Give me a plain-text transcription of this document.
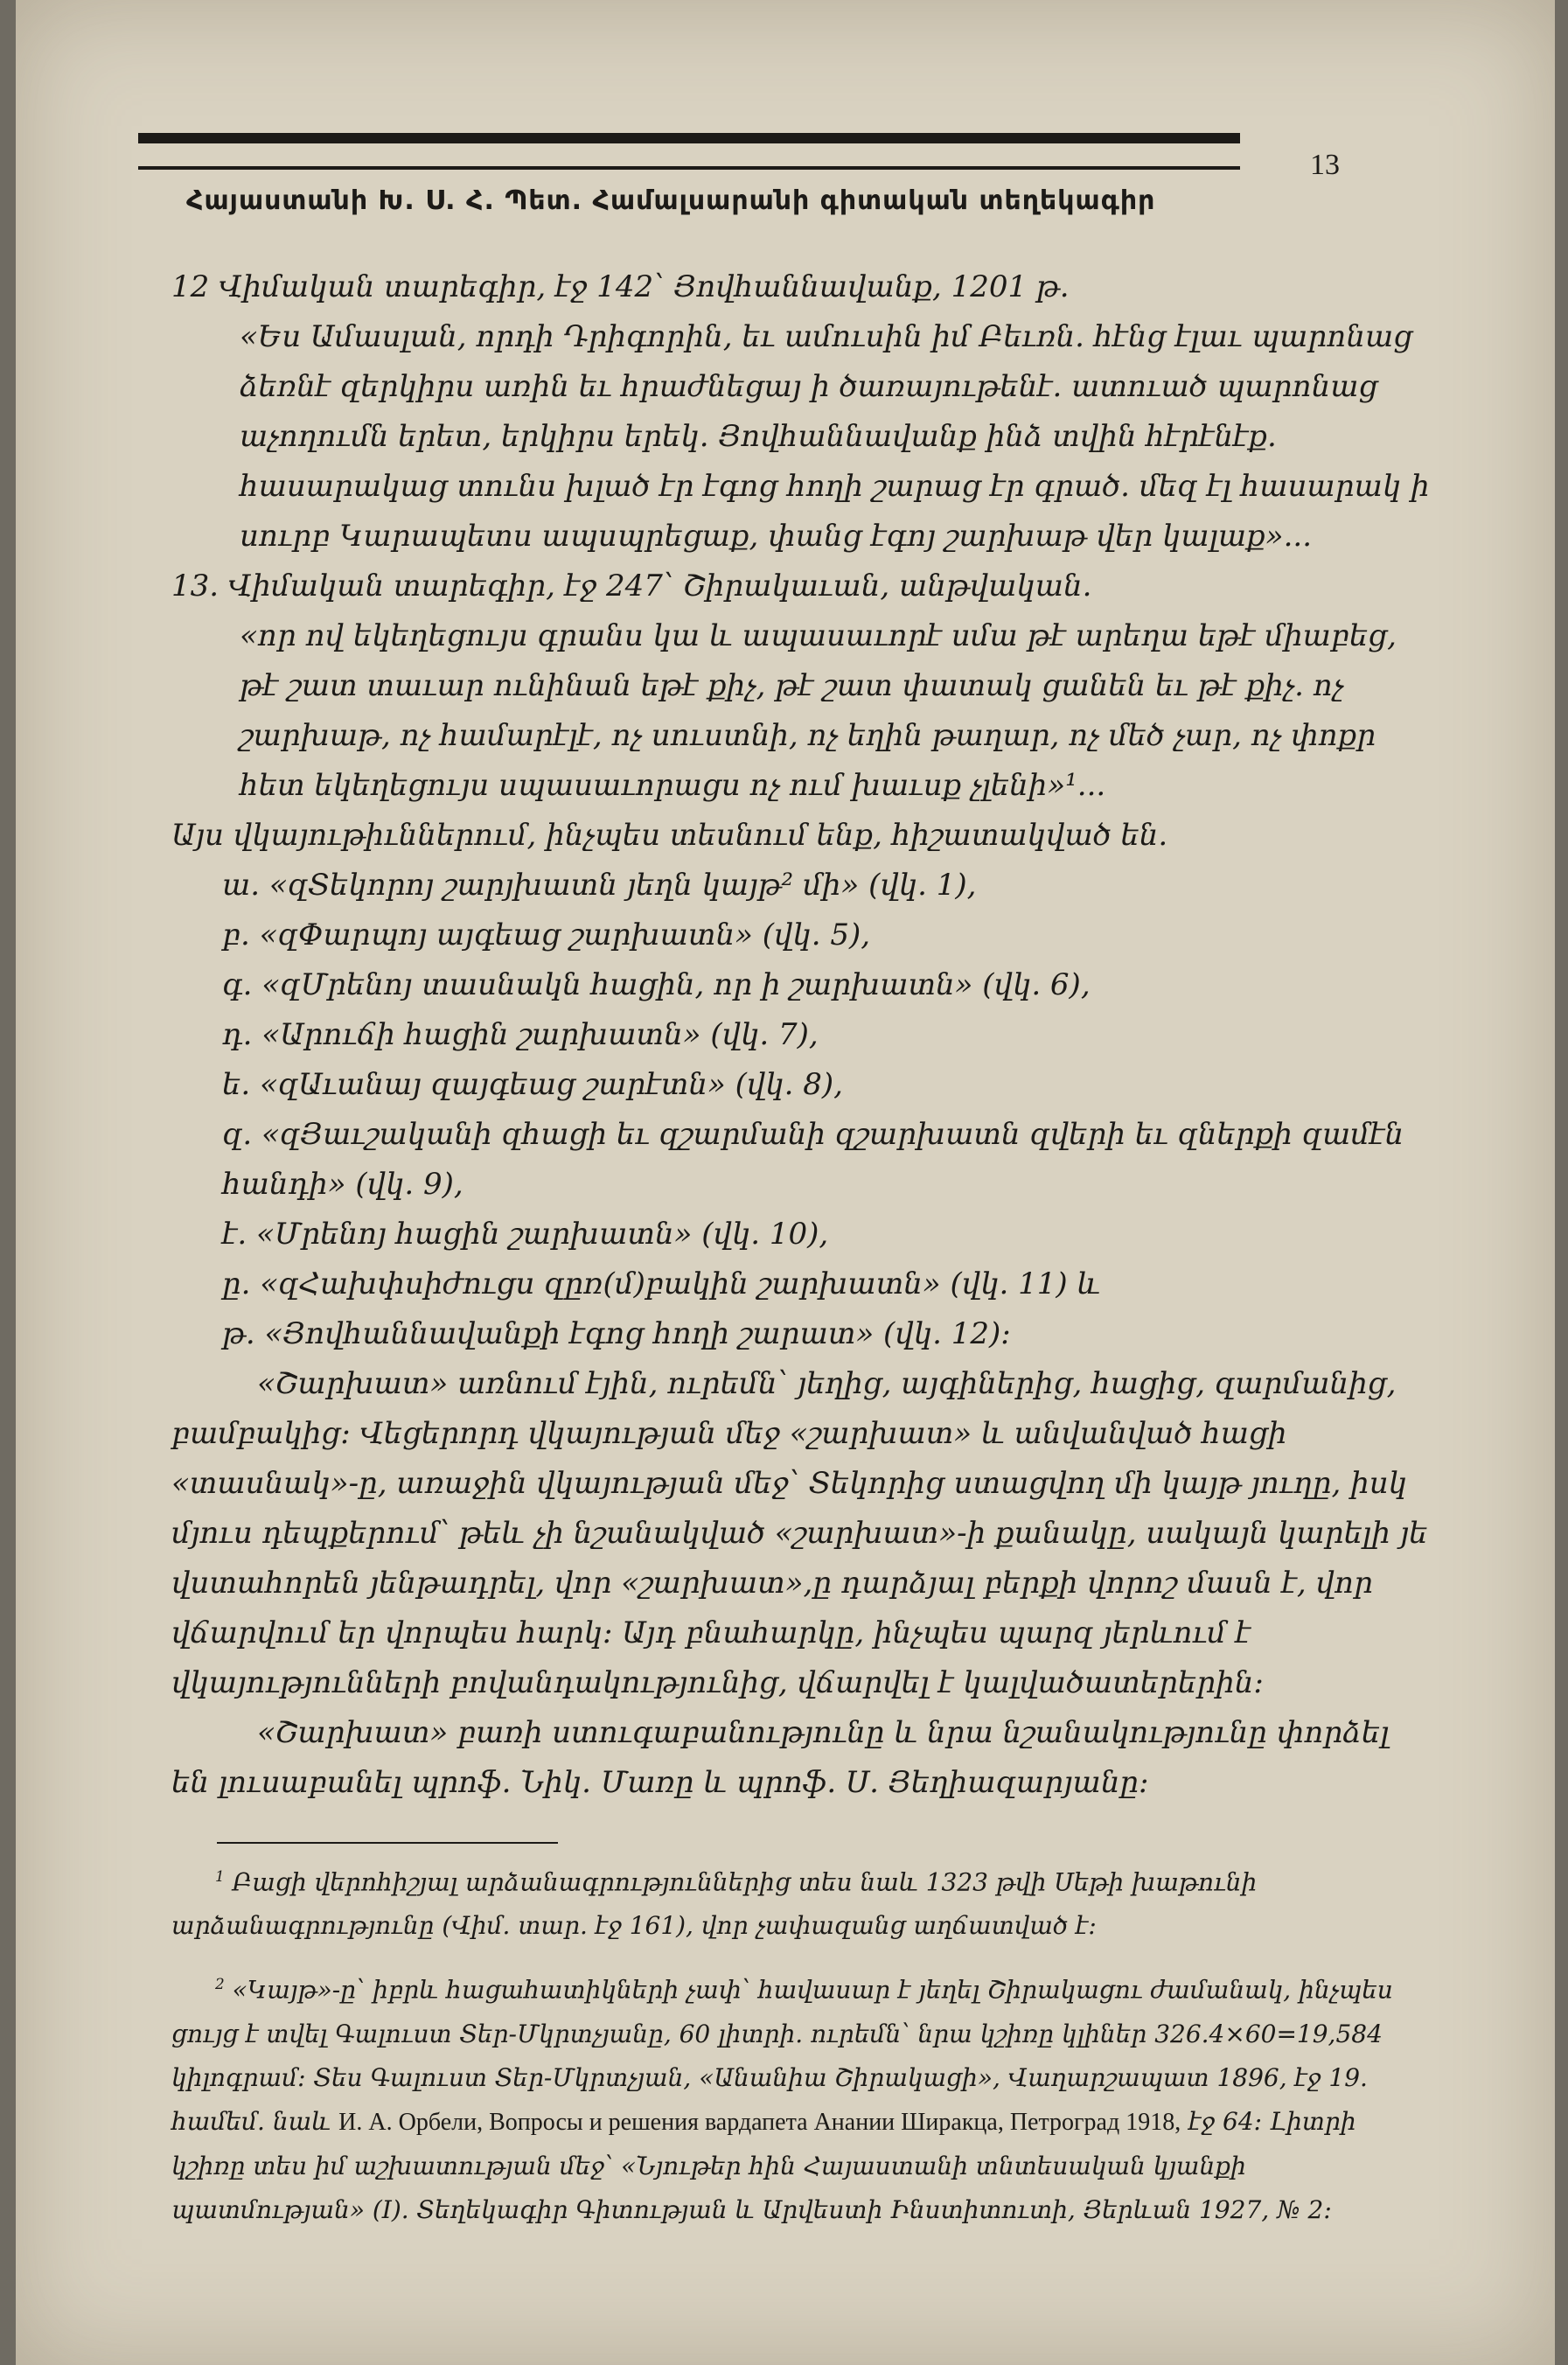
13
Հայաստանի Խ. Ս. Հ. Պետ. Համալսարանի գիտական տեղեկագիր

12 Վիմական տարեգիր, էջ 142՝ Յովհաննավանք, 1201 թ.

«Ես Ամասլան, որդի Դրիգորին, եւ ամուսին իմ Բեւռն. հէնց էլաւ պարոնաց ձեռնէ զերկիրս առին եւ հրաժնեցայ ի ծառայութենէ. ատուած պարոնաց աչողումն երետ, երկիրս երեկ. Յովհաննավանք ինձ տվին հէրէնէք. հասարակաց տունս խլած էր էգոց հողի շարաց էր գրած. մեզ էլ հասարակ ի սուրբ Կարապետս ապսպրեցաք, փանց էգոյ շարխաթ վեր կալաք»...

13. Վիմական տարեգիր, էջ 247՝ Շիրակաւան, անթվական.

«որ ով եկեղեցույս գրանս կա և ապասաւորէ սմա թէ արեղա եթէ միաբեց, թէ շատ տաւար ունինան եթէ քիչ, թէ շատ փատակ ցանեն եւ թէ քիչ. ոչ շարխաթ, ոչ համարէլէ, ոչ սուստնի, ոչ եղին թաղար, ոչ մեծ չար, ոչ փոքր հետ եկեղեցույս սպասաւորացս ոչ ում խաւսք չլենի»¹...

Այս վկայութիւններում, ինչպես տեսնում ենք, հիշատակված են.

ա. «զՏեկորոյ շարյխատն յեղն կայթ² մի» (վկ. 1),

բ. «զՓարպոյ այգեաց շարխատն» (վկ. 5),

գ. «զՄրենոյ տասնակն հացին, որ ի շարխատն» (վկ. 6),

դ. «Արուճի հացին շարխատն» (վկ. 7),

ե. «զԱւանայ զայգեաց շարէտն» (վկ. 8),

զ. «զՅաւշականի զհացի եւ զշարմանի զշարխատն զվերի եւ զներքի զամէն հանդի» (վկ. 9),

է. «Մրենոյ հացին շարխատն» (վկ. 10),

ը. «զՀախփսիժուցս զըռ(մ)բակին շարխատն» (վկ. 11) և

թ. «Յովհաննավանքի էգոց հողի շարատ» (վկ. 12):

«Շարխատ» առնում էյին, ուրեմն՝ յեղից, այգիներից, հացից, զարմանից, բամբակից: Վեցերորդ վկայության մեջ «շարխատ» և անվանված հացի «տասնակ»-ը, առաջին վկայության մեջ՝ Տեկորից ստացվող մի կայթ յուղը, իսկ մյուս դեպքերում՝ թեև չի նշանակված «շարխատ»-ի քանակը, սակայն կարելի յե վստահորեն յենթադրել, վոր «շարխատ»,ը դարձյալ բերքի վորոշ մասն է, վոր վճարվում եր վորպես հարկ: Այդ բնահարկը, ինչպես պարզ յերևում է վկայությունների բովանդակությունից, վճարվել է կալվածատերերին:

«Շարխատ» բառի ստուգաբանությունը և նրա նշանակությունը փորձել են լուսաբանել պրոֆ. Նիկ. Մառը և պրոֆ. Ս. Յեղիազարյանը:

$^1$ Բացի վերոհիշյալ արձանագրություններից տես նաև 1323 թվի Սեթի խաթունի արձանագրությունը (Վիմ. տար. էջ 161), վոր չափազանց աղճատված է:

$^2$ «Կայթ»-ը՝ իբրև հացահատիկների չափ՝ հավասար է յեղել Շիրակացու ժամանակ, ինչպես ցույց է տվել Գալուստ Տեր-Մկրտչյանը, 60 լիտրի. ուրեմն՝ նրա կշիռը կլիներ 326.4×60=19,584 կիլոգրամ: Տես Գալուստ Տեր-Մկրտչյան, «Անանիա Շիրակացի», Վաղարշապատ 1896, էջ 19. համեմ. նաև И. А. Орбели, Вопросы и решения вардапета Анании Ширакца, Петроград 1918, էջ 64: Լիտրի կշիռը տես իմ աշխատության մեջ՝ «Նյութեր հին Հայաստանի տնտեսական կյանքի պատմության» (I). Տեղեկագիր Գիտության և Արվեստի Ինստիտուտի, Յերևան 1927, № 2:
